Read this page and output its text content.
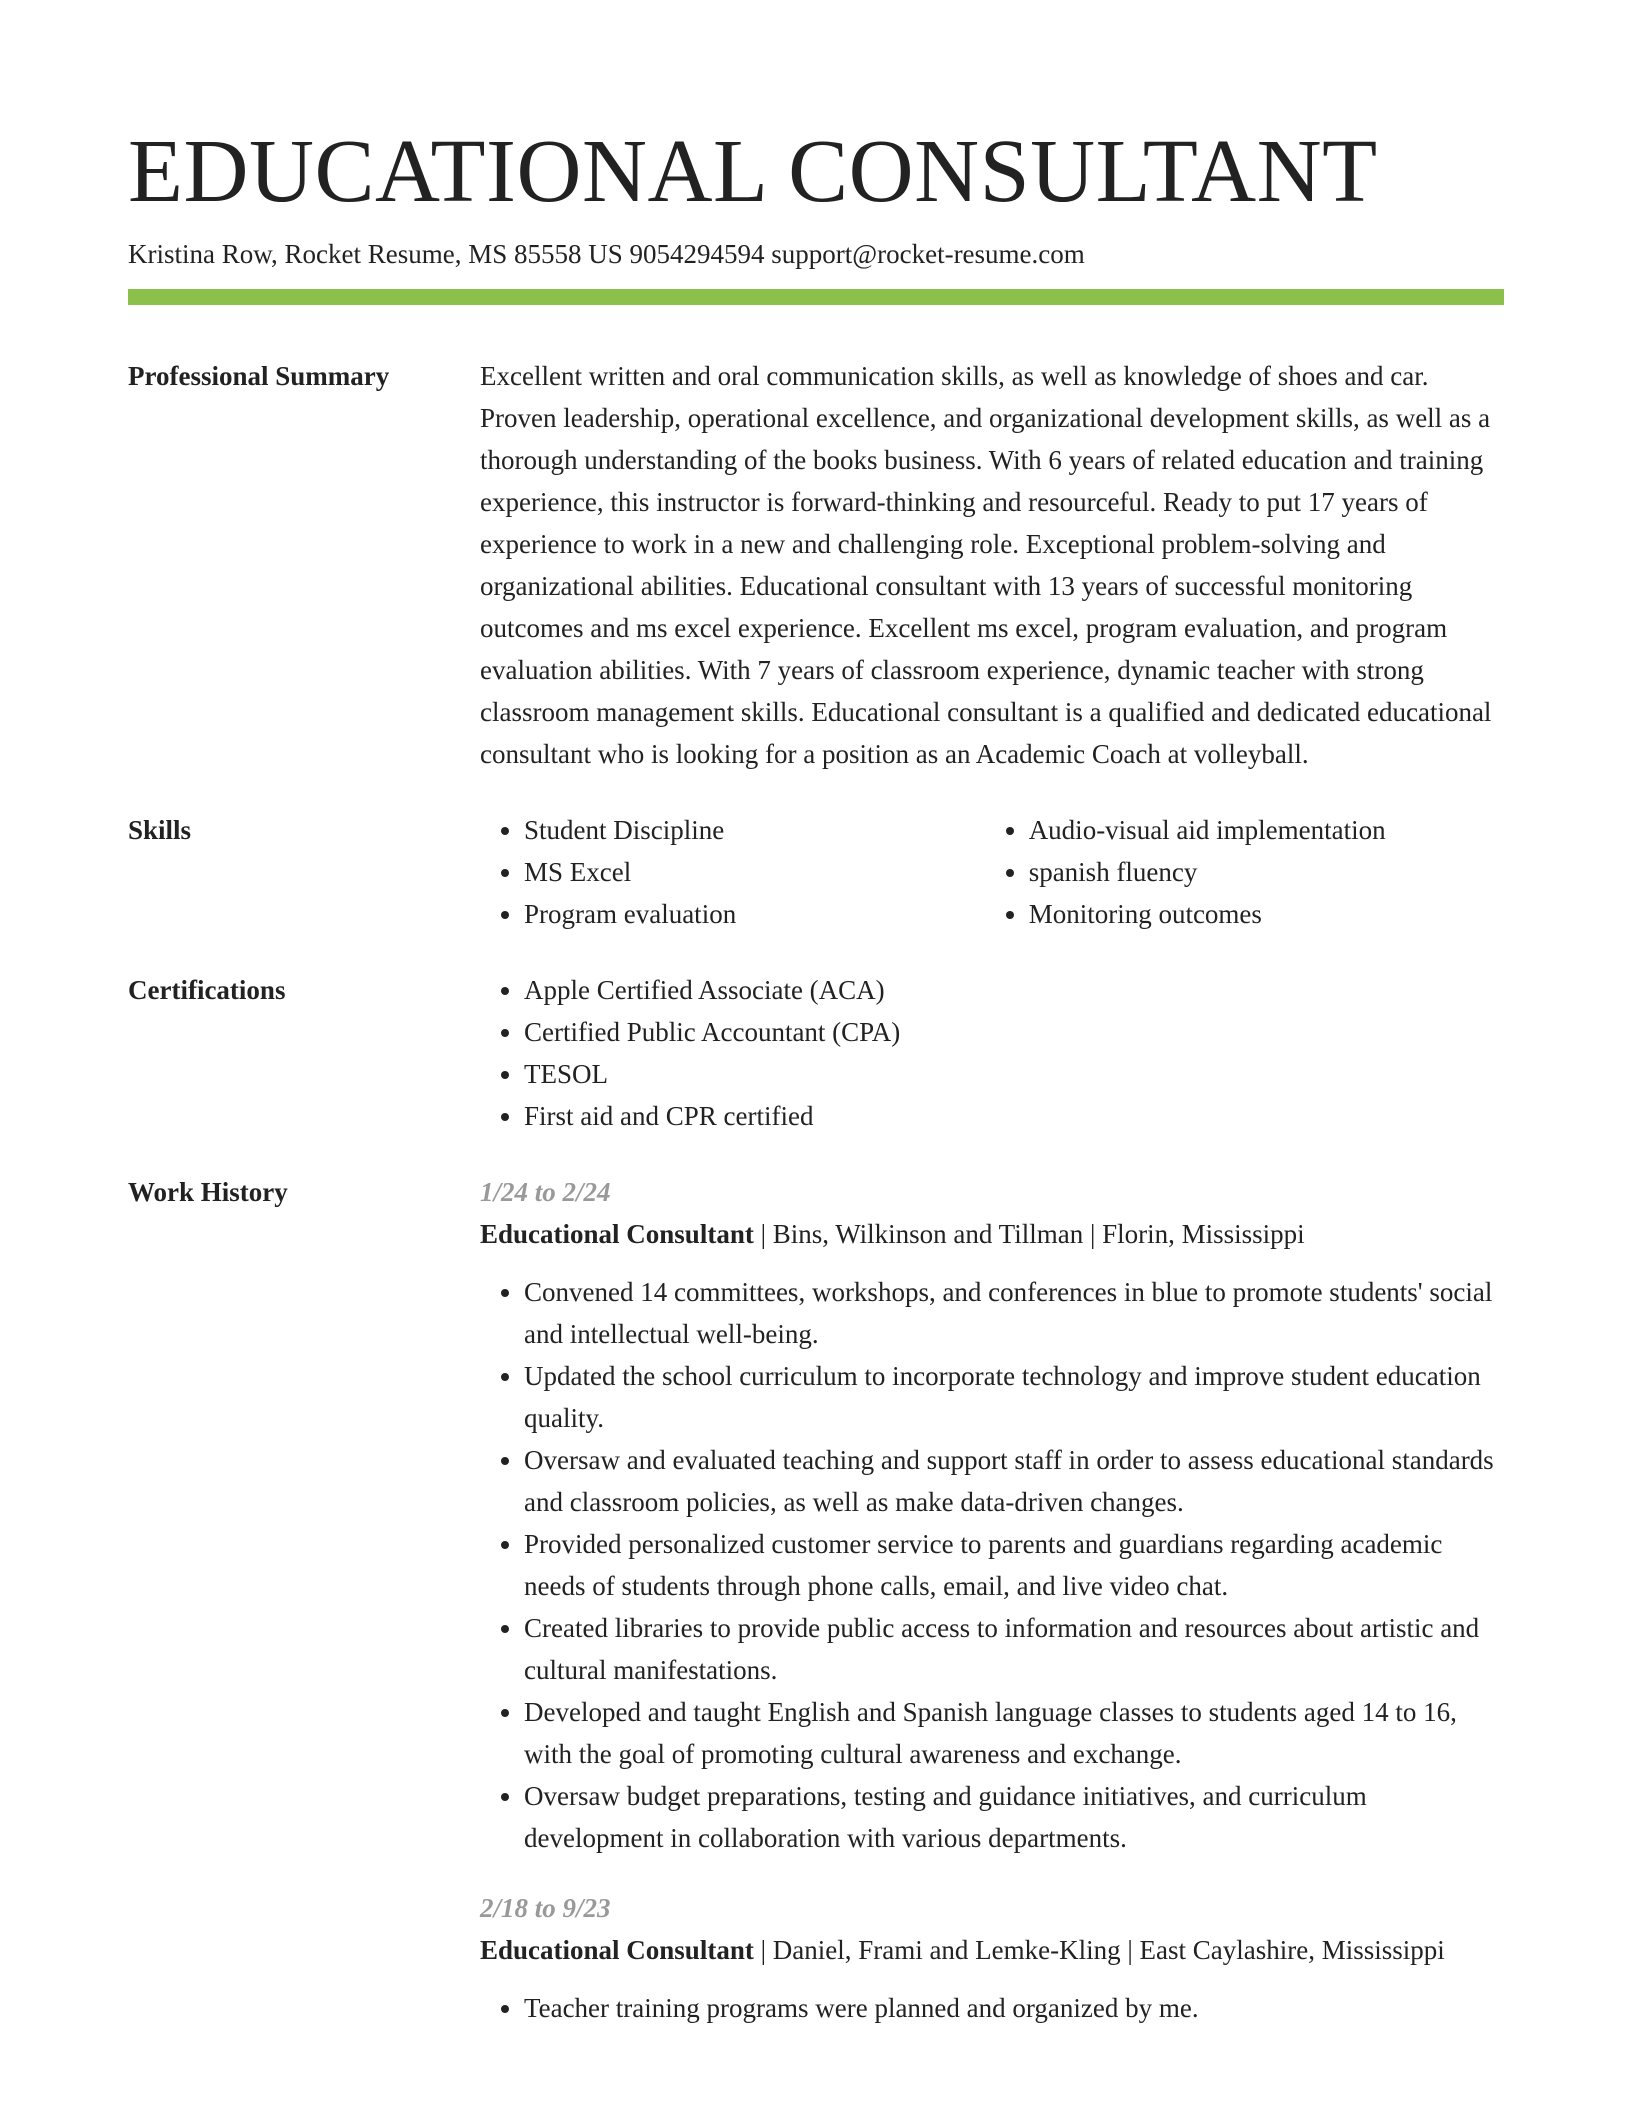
EDUCATIONAL CONSULTANT
Kristina Row, Rocket Resume, MS 85558 US 9054294594 support@rocket-resume.com
Professional Summary	Excellent written and oral communication skills, as well as knowledge of shoes and car. Proven leadership, operational excellence, and organizational development skills, as well as a thorough understanding of the books business. With 6 years of related education and training experience, this instructor is forward-thinking and resourceful. Ready to put 17 years of experience to work in a new and challenging role. Exceptional problem-solving and organizational abilities. Educational consultant with 13 years of successful monitoring outcomes and ms excel experience. Excellent ms excel, program evaluation, and program evaluation abilities. With 7 years of classroom experience, dynamic teacher with strong classroom management skills. Educational consultant is a qualified and dedicated educational consultant who is looking for a position as an Academic Coach at volleyball.

Skills	• Student Discipline
• MS Excel
• Program evaluation
• Audio-visual aid implementation
• spanish fluency
• Monitoring outcomes
Certifications	• Apple Certified Associate (ACA)
• Certified Public Accountant (CPA)
• TESOL
• First aid and CPR certified
Work History	1/24 to 2/24
Educational Consultant | Bins, Wilkinson and Tillman | Florin, Mississippi
• Convened 14 committees, workshops, and conferences in blue to promote students' social and intellectual well-being.
• Updated the school curriculum to incorporate technology and improve student education quality.
• Oversaw and evaluated teaching and support staff in order to assess educational standards and classroom policies, as well as make data-driven changes.
• Provided personalized customer service to parents and guardians regarding academic needs of students through phone calls, email, and live video chat.
• Created libraries to provide public access to information and resources about artistic and cultural manifestations.
• Developed and taught English and Spanish language classes to students aged 14 to 16, with the goal of promoting cultural awareness and exchange.
• Oversaw budget preparations, testing and guidance initiatives, and curriculum development in collaboration with various departments.
2/18 to 9/23
Educational Consultant | Daniel, Frami and Lemke-Kling | East Caylashire, Mississippi
• Teacher training programs were planned and organized by me.
